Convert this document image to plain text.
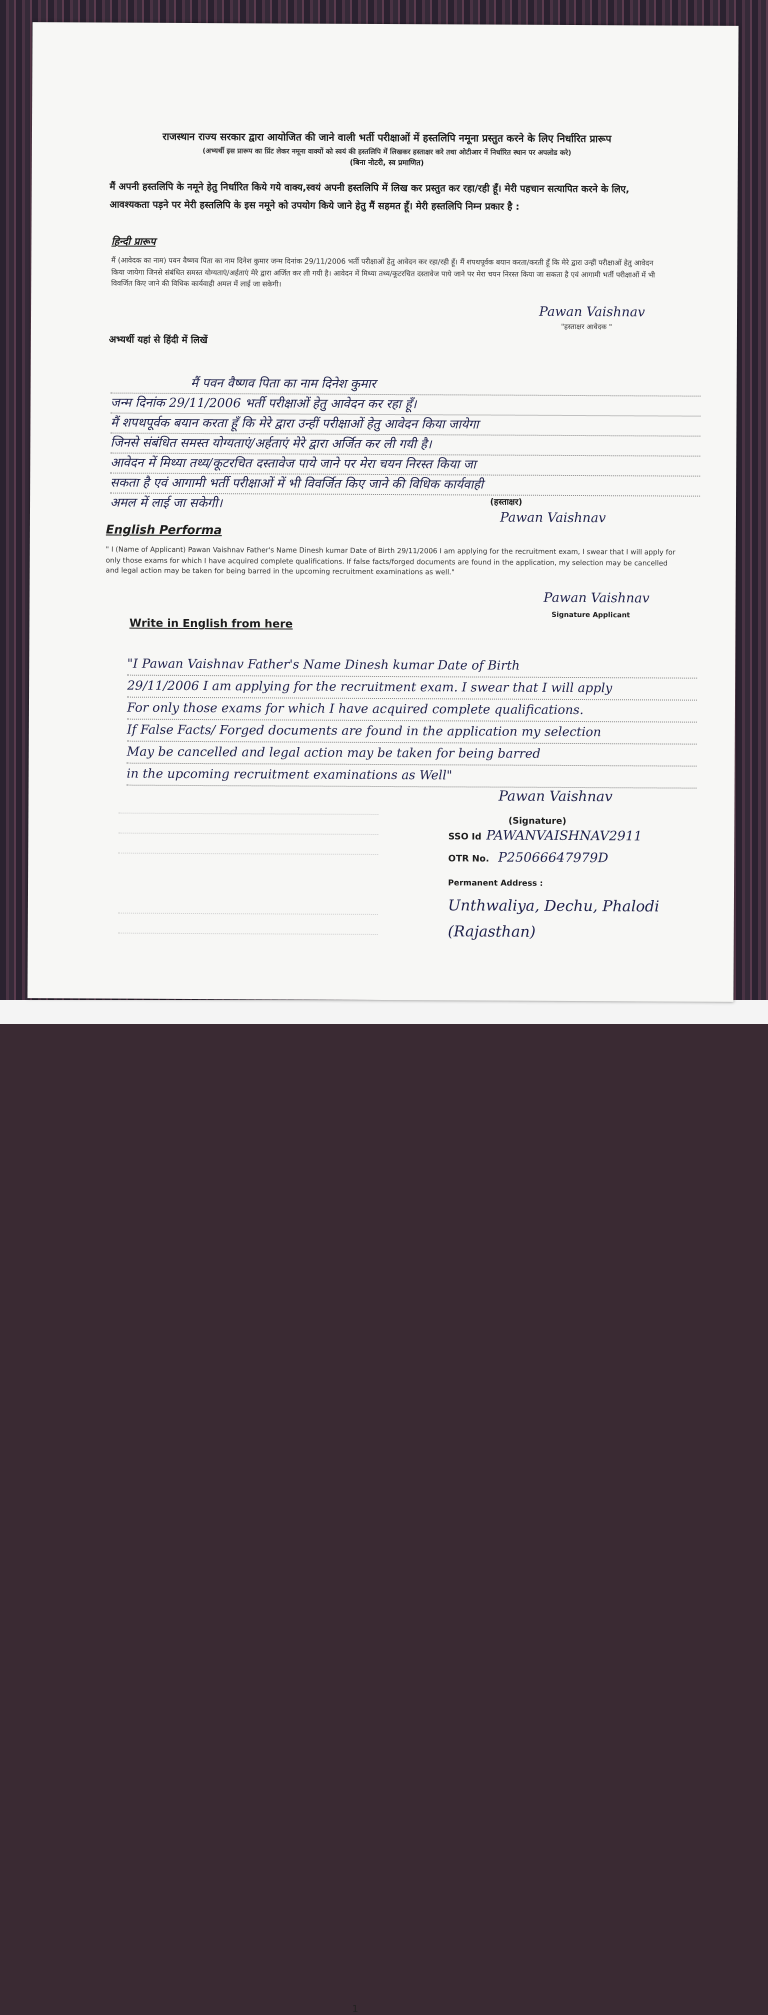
1
राजस्थान राज्य सरकार द्वारा आयोजित की जाने वाली भर्ती परीक्षाओं में हस्तलिपि नमूना प्रस्तुत करने के लिए निर्धारित प्रारूप
(अभ्यर्थी इस प्रारूप का प्रिंट लेकर नमूना वाक्यों को स्वयं की हस्तलिपि में लिखकर हस्ताक्षर करे तथा ओटीआर में निर्धारित स्थान पर अपलोड करे)
(बिना नोटरी, स्व प्रमाणित)
मैं अपनी हस्तलिपि के नमूने हेतु निर्धारित किये गये वाक्य,स्वयं अपनी हस्तलिपि में लिख कर प्रस्तुत कर रहा/रही हूँ। मेरी पहचान सत्यापित करने के लिए, आवश्यकता पड़ने पर मेरी हस्तलिपि के इस नमूने को उपयोग किये जाने हेतु मैं सहमत हूँ। मेरी हस्तलिपि निम्न प्रकार है :
हिन्दी प्रारूप
मैं (आवेदक का नाम) पवन वैष्णव पिता का नाम दिनेश कुमार जन्म दिनांक 29/11/2006 भर्ती परीक्षाओं हेतु आवेदन कर रहा/रही हूँ। मैं शपथपूर्वक बयान करता/करती हूँ कि मेरे द्वारा उन्हीं परीक्षाओं हेतु आवेदन किया जायेगा जिनसे संबंधित समस्त योग्यताएं/अर्हताएं मेरे द्वारा अर्जित कर ली गयी है। आवेदन में मिथ्या तथ्य/कूटरचित दस्तावेज पाये जाने पर मेरा चयन निरस्त किया जा सकता है एवं आगामी भर्ती परीक्षाओं में भी विवर्जित किए जाने की विधिक कार्यवाही अमल में लाई जा सकेगी।
Pawan Vaishnav
"हस्ताक्षर आवेदक "
अभ्यर्थी यहां से हिंदी में लिखें
मैं पवन वैष्णव पिता का नाम दिनेश कुमार
जन्म दिनांक 29/11/2006 भर्ती परीक्षाओं हेतु आवेदन कर रहा हूँ।
मैं शपथपूर्वक बयान करता हूँ कि मेरे द्वारा उन्हीं परीक्षाओं हेतु आवेदन किया जायेगा
जिनसे संबंधित समस्त योग्यताएं/अर्हताएं मेरे द्वारा अर्जित कर ली गयी है।
आवेदन में मिथ्या तथ्य/कूटरचित दस्तावेज पाये जाने पर मेरा चयन निरस्त किया जा
सकता है एवं आगामी भर्ती परीक्षाओं में भी विवर्जित किए जाने की विधिक कार्यवाही
अमल में लाई जा सकेगी।	(हस्ताक्षर)
Pawan Vaishnav
English Performa
" I (Name of Applicant) Pawan Vaishnav Father's Name Dinesh kumar Date of Birth 29/11/2006 I am applying for the recruitment exam, I swear that I will apply for only those exams for which I have acquired complete qualifications. If false facts/forged documents are found in the application, my selection may be cancelled and legal action may be taken for being barred in the upcoming recruitment examinations as well."
Pawan Vaishnav
Signature Applicant
Write in English from here
"I Pawan Vaishnav Father's Name Dinesh kumar Date of Birth
29/11/2006 I am applying for the recruitment exam. I swear that I will apply
For only those exams for which I have acquired complete qualifications.
If False Facts/ Forged documents are found in the application my selection
May be cancelled and legal action may be taken for being barred
in the upcoming recruitment examinations as Well"
Pawan Vaishnav
(Signature)
SSO Id PAWANVAISHNAV2911
OTR No. P25066647979D
Permanent Address :
Unthwaliya, Dechu, Phalodi
(Rajasthan)
